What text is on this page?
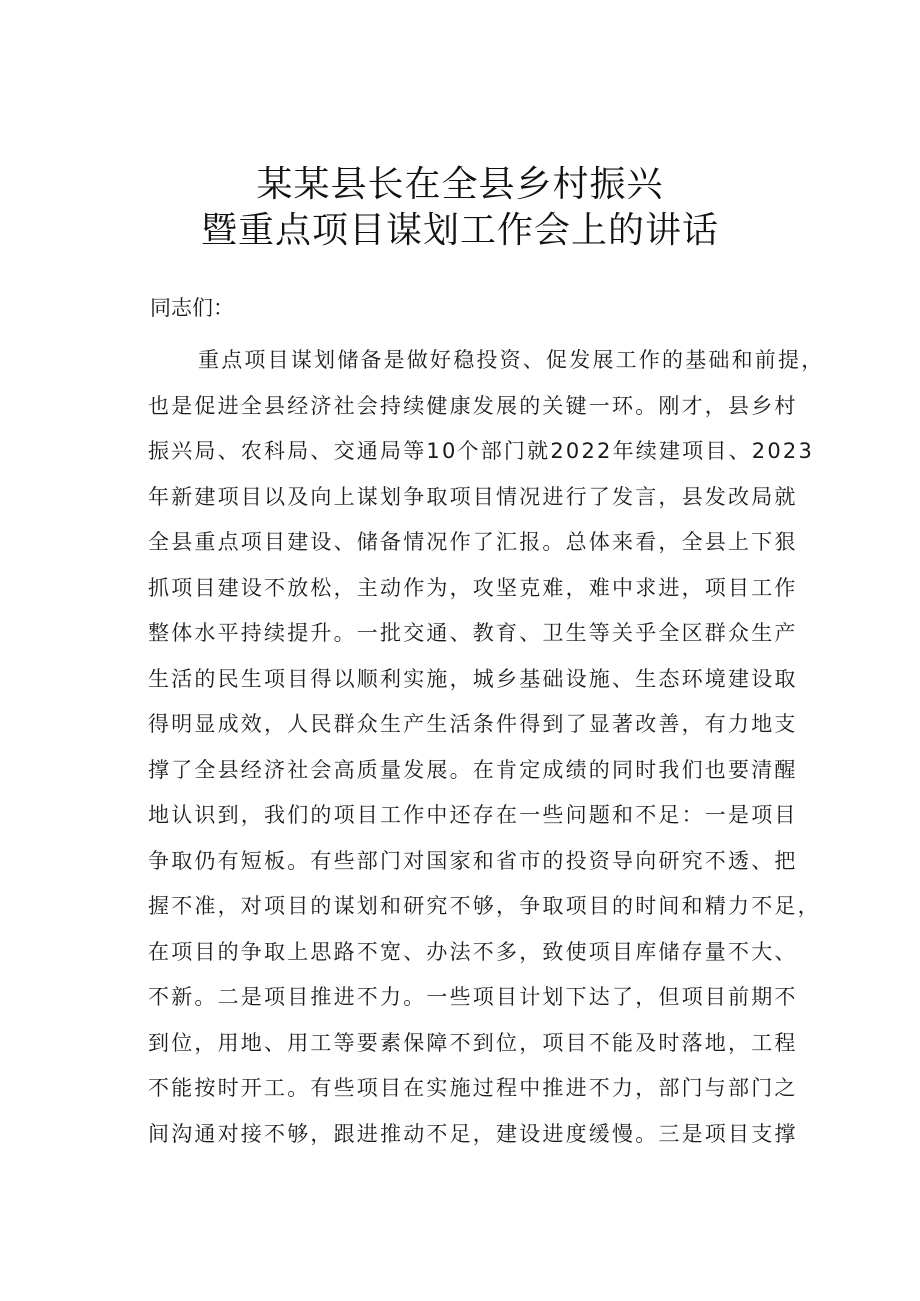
某某县长在全县乡村振兴
暨重点项目谋划工作会上的讲话
同志们：
重点项目谋划储备是做好稳投资、促发展工作的基础和前提，
也是促进全县经济社会持续健康发展的关键一环。刚才，县乡村
振兴局、农科局、交通局等10个部门就2022年续建项目、2023
年新建项目以及向上谋划争取项目情况进行了发言，县发改局就
全县重点项目建设、储备情况作了汇报。总体来看，全县上下狠
抓项目建设不放松，主动作为，攻坚克难，难中求进，项目工作
整体水平持续提升。一批交通、教育、卫生等关乎全区群众生产
生活的民生项目得以顺利实施，城乡基础设施、生态环境建设取
得明显成效，人民群众生产生活条件得到了显著改善，有力地支
撑了全县经济社会高质量发展。在肯定成绩的同时我们也要清醒
地认识到，我们的项目工作中还存在一些问题和不足：一是项目
争取仍有短板。有些部门对国家和省市的投资导向研究不透、把
握不准，对项目的谋划和研究不够，争取项目的时间和精力不足，
在项目的争取上思路不宽、办法不多，致使项目库储存量不大、
不新。二是项目推进不力。一些项目计划下达了，但项目前期不
到位，用地、用工等要素保障不到位，项目不能及时落地，工程
不能按时开工。有些项目在实施过程中推进不力，部门与部门之
间沟通对接不够，跟进推动不足，建设进度缓慢。三是项目支撑
